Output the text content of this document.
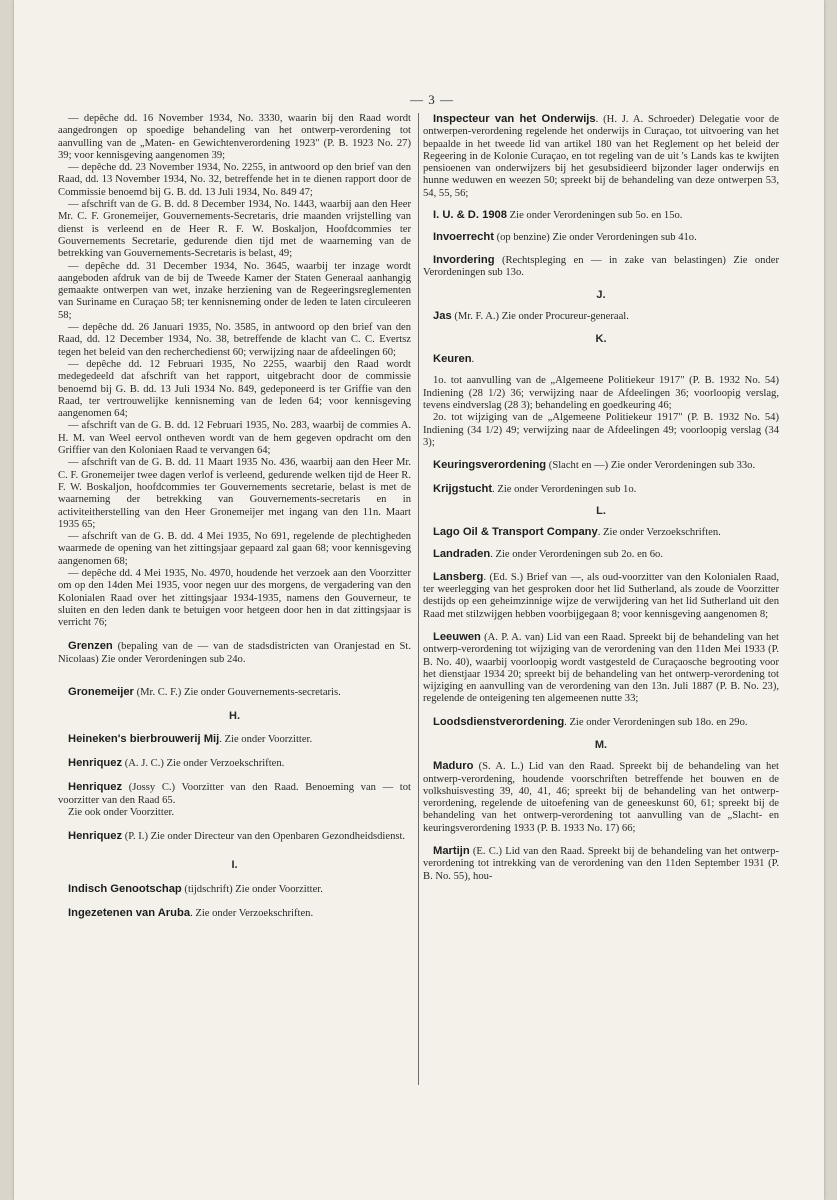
— 3 —

— depêche dd. 16 November 1934, No. 3330, waarin bij den Raad wordt aangedrongen op spoedige behandeling van het ontwerp-verordening tot aanvulling van de „Maten- en Gewichtenverordening 1923" (P. B. 1923 No. 27) 39; voor kennisgeving aangenomen 39;

— depêche dd. 23 November 1934, No. 2255, in antwoord op den brief van den Raad, dd. 13 November 1934, No. 32, betreffende het in te dienen rapport door de Commissie benoemd bij G. B. dd. 13 Juli 1934, No. 849 47;

— afschrift van de G. B. dd. 8 December 1934, No. 1443, waarbij aan den Heer Mr. C. F. Gronemeijer, Gouvernements-Secretaris, drie maanden vrijstelling van dienst is verleend en de Heer R. F. W. Boskaljon, Hoofdcommies ter Gouvernements Secretarie, gedurende dien tijd met de waarneming van de betrekking van Gouvernements-Secretaris is belast, 49;

— depêche dd. 31 December 1934, No. 3645, waarbij ter inzage wordt aangeboden afdruk van de bij de Tweede Kamer der Staten Generaal aanhangig gemaakte ontwerpen van wet, inzake herziening van de Regeeringsreglementen van Suriname en Curaçao 58; ter kennisneming onder de leden te laten circuleeren 58;

— depêche dd. 26 Januari 1935, No. 3585, in antwoord op den brief van den Raad, dd. 12 December 1934, No. 38, betreffende de klacht van C. C. Evertsz tegen het beleid van den recherchedienst 60; verwijzing naar de afdeelingen 60;

— depêche dd. 12 Februari 1935, No 2255, waarbij den Raad wordt medegedeeld dat afschrift van het rapport, uitgebracht door de commissie benoemd bij G. B. dd. 13 Juli 1934 No. 849, gedeponeerd is ter Griffie van den Raad, ter vertrouwelijke kennisneming van de leden 64; voor kennisgeving aangenomen 64;

— afschrift van de G. B. dd. 12 Februari 1935, No. 283, waarbij de commies A. H. M. van Weel eervol ontheven wordt van de hem gegeven opdracht om den Griffier van den Koloniaen Raad te vervangen 64;

— afschrift van de G. B. dd. 11 Maart 1935 No. 436, waarbij aan den Heer Mr. C. F. Gronemeijer twee dagen verlof is verleend, gedurende welken tijd de Heer R. F. W. Boskaljon, hoofdcommies ter Gouvernements secretarie, belast is met de waarneming der betrekking van Gouvernements-secretaris en in activiteitherstelling van den Heer Gronemeijer met ingang van den 11n. Maart 1935 65;

— afschrift van de G. B. dd. 4 Mei 1935, No 691, regelende de plechtigheden waarmede de opening van het zittingsjaar gepaard zal gaan 68; voor kennisgeving aangenomen 68;

— depêche dd. 4 Mei 1935, No. 4970, houdende het verzoek aan den Voorzitter om op den 14den Mei 1935, voor negen uur des morgens, de vergadering van den Kolonialen Raad over het zittingsjaar 1934-1935, namens den Gouverneur, te sluiten en den leden dank te betuigen voor hetgeen door hen in dat zittingsjaar is verricht 76;

Grenzen (bepaling van de — van de stadsdistricten van Oranjestad en St. Nicolaas) Zie onder Verordeningen sub 24o.

Gronemeijer (Mr. C. F.) Zie onder Gouvernements-secretaris.

H.

Heineken's bierbrouwerij Mij. Zie onder Voorzitter.

Henriquez (A. J. C.) Zie onder Verzoekschriften.

Henriquez (Jossy C.) Voorzitter van den Raad. Benoeming van — tot voorzitter van den Raad 65.

Zie ook onder Voorzitter.

Henriquez (P. I.) Zie onder Directeur van den Openbaren Gezondheidsdienst.

I.

Indisch Genootschap (tijdschrift) Zie onder Voorzitter.

Ingezetenen van Aruba. Zie onder Verzoekschriften.

Inspecteur van het Onderwijs. (H. J. A. Schroeder) Delegatie voor de ontwerpen-verordening regelende het onderwijs in Curaçao, tot uitvoering van het bepaalde in het tweede lid van artikel 180 van het Reglement op het beleid der Regeering in de Kolonie Curaçao, en tot regeling van de uit 's Lands kas te kwijten pensioenen van onderwijzers bij het gesubsidieerd bijzonder lager onderwijs en hunne weduwen en weezen 50; spreekt bij de behandeling van deze ontwerpen 53, 54, 55, 56;

I. U. & D. 1908 Zie onder Verordeningen sub 5o. en 15o.

Invoerrecht (op benzine) Zie onder Verordeningen sub 41o.

Invordering (Rechtspleging en — in zake van belastingen) Zie onder Verordeningen sub 13o.

J.

Jas (Mr. F. A.) Zie onder Procureur-generaal.

K.

Keuren.

1o. tot aanvulling van de „Algemeene Politiekeur 1917" (P. B. 1932 No. 54) Indiening (28 1/2) 36; verwijzing naar de Afdeelingen 36; voorloopig verslag, tevens eindverslag (28 3); behandeling en goedkeuring 46;

2o. tot wijziging van de „Algemeene Politiekeur 1917" (P. B. 1932 No. 54) Indiening (34 1/2) 49; verwijzing naar de Afdeelingen 49; voorloopig verslag (34 3);

Keuringsverordening (Slacht en —) Zie onder Verordeningen sub 33o.

Krijgstucht. Zie onder Verordeningen sub 1o.

L.

Lago Oil & Transport Company. Zie onder Verzoekschriften.

Landraden. Zie onder Verordeningen sub 2o. en 6o.

Lansberg. (Ed. S.) Brief van —, als oud-voorzitter van den Kolonialen Raad, ter weerlegging van het gesproken door het lid Sutherland, als zoude de Voorzitter destijds op een geheimzinnige wijze de verwijdering van het lid Sutherland uit den Raad met stilzwijgen hebben voorbijgegaan 8; voor kennisgeving aangenomen 8;

Leeuwen (A. P. A. van) Lid van een Raad. Spreekt bij de behandeling van het ontwerp-verordening tot wijziging van de verordening van den 11den Mei 1933 (P. B. No. 40), waarbij voorloopig wordt vastgesteld de Curaçaosche begrooting voor het dienstjaar 1934 20; spreekt bij de behandeling van het ontwerp-verordening tot wijziging en aanvulling van de verordening van den 13n. Juli 1887 (P. B. No. 23), regelende de onteigening ten algemeenen nutte 33;

Loodsdienstverordening. Zie onder Verordeningen sub 18o. en 29o.

M.

Maduro (S. A. L.) Lid van den Raad. Spreekt bij de behandeling van het ontwerp-verordening, houdende voorschriften betreffende het bouwen en de volkshuisvesting 39, 40, 41, 46; spreekt bij de behandeling van het ontwerp-verordening, regelende de uitoefening van de geneeskunst 60, 61; spreekt bij de behandeling van het ontwerp-verordening tot aanvulling van de „Slacht- en keuringsverordening 1933 (P. B. 1933 No. 17) 66;

Martijn (E. C.) Lid van den Raad. Spreekt bij de behandeling van het ontwerp-verordening tot intrekking van de verordening van den 11den September 1931 (P. B. No. 55), hou-
